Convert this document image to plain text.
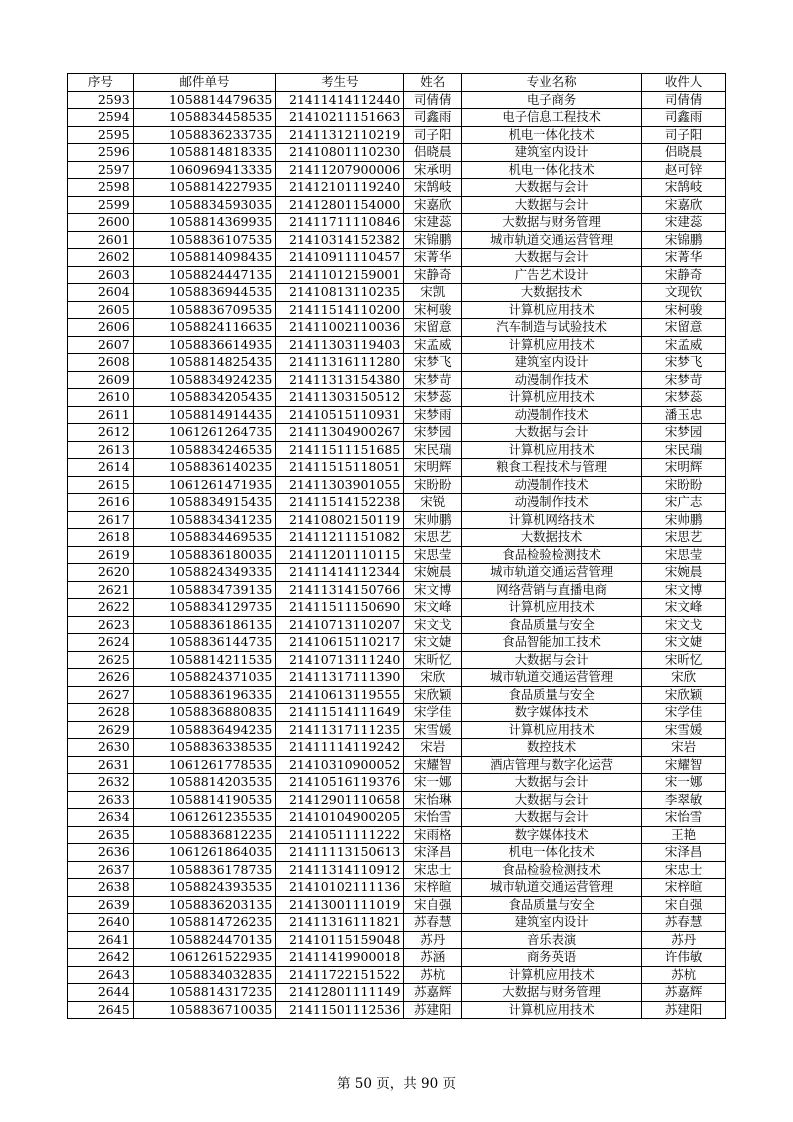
序号	邮件单号	考生号	姓名	专业名称	收件人
2593	1058814479635	21411414112440	司倩倩	电子商务	司倩倩
2594	1058834458535	21410211151663	司鑫雨	电子信息工程技术	司鑫雨
2595	1058836233735	21411312110219	司子阳	机电一体化技术	司子阳
2596	1058814818335	21410801110230	侣晓晨	建筑室内设计	侣晓晨
2597	1060969413335	21411207900006	宋承明	机电一体化技术	赵可锌
2598	1058814227935	21412101119240	宋鹄岐	大数据与会计	宋鹄岐
2599	1058834593035	21412801154000	宋嘉欣	大数据与会计	宋嘉欣
2600	1058814369935	21411711110846	宋建蕊	大数据与财务管理	宋建蕊
2601	1058836107535	21410314152382	宋锦鹏	城市轨道交通运营管理	宋锦鹏
2602	1058814098435	21410911110457	宋菁华	大数据与会计	宋菁华
2603	1058824447135	21411012159001	宋静奇	广告艺术设计	宋静奇
2604	1058836944535	21410813110235	宋凯	大数据技术	文现钦
2605	1058836709535	21411514110200	宋柯骏	计算机应用技术	宋柯骏
2606	1058824116635	21411002110036	宋留意	汽车制造与试验技术	宋留意
2607	1058836614935	21411303119403	宋孟威	计算机应用技术	宋孟威
2608	1058814825435	21411316111280	宋梦飞	建筑室内设计	宋梦飞
2609	1058834924235	21411313154380	宋梦苛	动漫制作技术	宋梦苛
2610	1058834205435	21411303150512	宋梦蕊	计算机应用技术	宋梦蕊
2611	1058814914435	21410515110931	宋梦雨	动漫制作技术	潘玉忠
2612	1061261264735	21411304900267	宋梦园	大数据与会计	宋梦园
2613	1058834246535	21411511151685	宋民瑞	计算机应用技术	宋民瑞
2614	1058836140235	21411515118051	宋明辉	粮食工程技术与管理	宋明辉
2615	1061261471935	21411303901055	宋盼盼	动漫制作技术	宋盼盼
2616	1058834915435	21411514152238	宋锐	动漫制作技术	宋广志
2617	1058834341235	21410802150119	宋帅鹏	计算机网络技术	宋帅鹏
2618	1058834469535	21411211151082	宋思艺	大数据技术	宋思艺
2619	1058836180035	21411201110115	宋思莹	食品检验检测技术	宋思莹
2620	1058824349335	21411414112344	宋婉晨	城市轨道交通运营管理	宋婉晨
2621	1058834739135	21411314150766	宋文博	网络营销与直播电商	宋文博
2622	1058834129735	21411511150690	宋文峰	计算机应用技术	宋文峰
2623	1058836186135	21410713110207	宋文戈	食品质量与安全	宋文戈
2624	1058836144735	21410615110217	宋文婕	食品智能加工技术	宋文婕
2625	1058814211535	21410713111240	宋昕忆	大数据与会计	宋昕忆
2626	1058824371035	21411317111390	宋欣	城市轨道交通运营管理	宋欣
2627	1058836196335	21410613119555	宋欣颖	食品质量与安全	宋欣颖
2628	1058836880835	21411514111649	宋学佳	数字媒体技术	宋学佳
2629	1058836494235	21411317111235	宋雪媛	计算机应用技术	宋雪媛
2630	1058836338535	21411114119242	宋岩	数控技术	宋岩
2631	1061261778535	21410310900052	宋耀智	酒店管理与数字化运营	宋耀智
2632	1058814203535	21410516119376	宋一娜	大数据与会计	宋一娜
2633	1058814190535	21412901110658	宋怡琳	大数据与会计	李翠敏
2634	1061261235535	21410104900205	宋怡雪	大数据与会计	宋怡雪
2635	1058836812235	21410511111222	宋雨格	数字媒体技术	王艳
2636	1061261864035	21411113150613	宋泽昌	机电一体化技术	宋泽昌
2637	1058836178735	21411314110912	宋忠士	食品检验检测技术	宋忠士
2638	1058824393535	21410102111136	宋梓暄	城市轨道交通运营管理	宋梓暄
2639	1058836203135	21413001111019	宋自强	食品质量与安全	宋自强
2640	1058814726235	21411316111821	苏春慧	建筑室内设计	苏春慧
2641	1058824470135	21410115159048	苏丹	音乐表演	苏丹
2642	1061261522935	21411419900018	苏涵	商务英语	许伟敏
2643	1058834032835	21411722151522	苏杭	计算机应用技术	苏杭
2644	1058814317235	21412801111149	苏嘉辉	大数据与财务管理	苏嘉辉
2645	1058836710035	21411501112536	苏建阳	计算机应用技术	苏建阳
第 50 页，共 90 页
